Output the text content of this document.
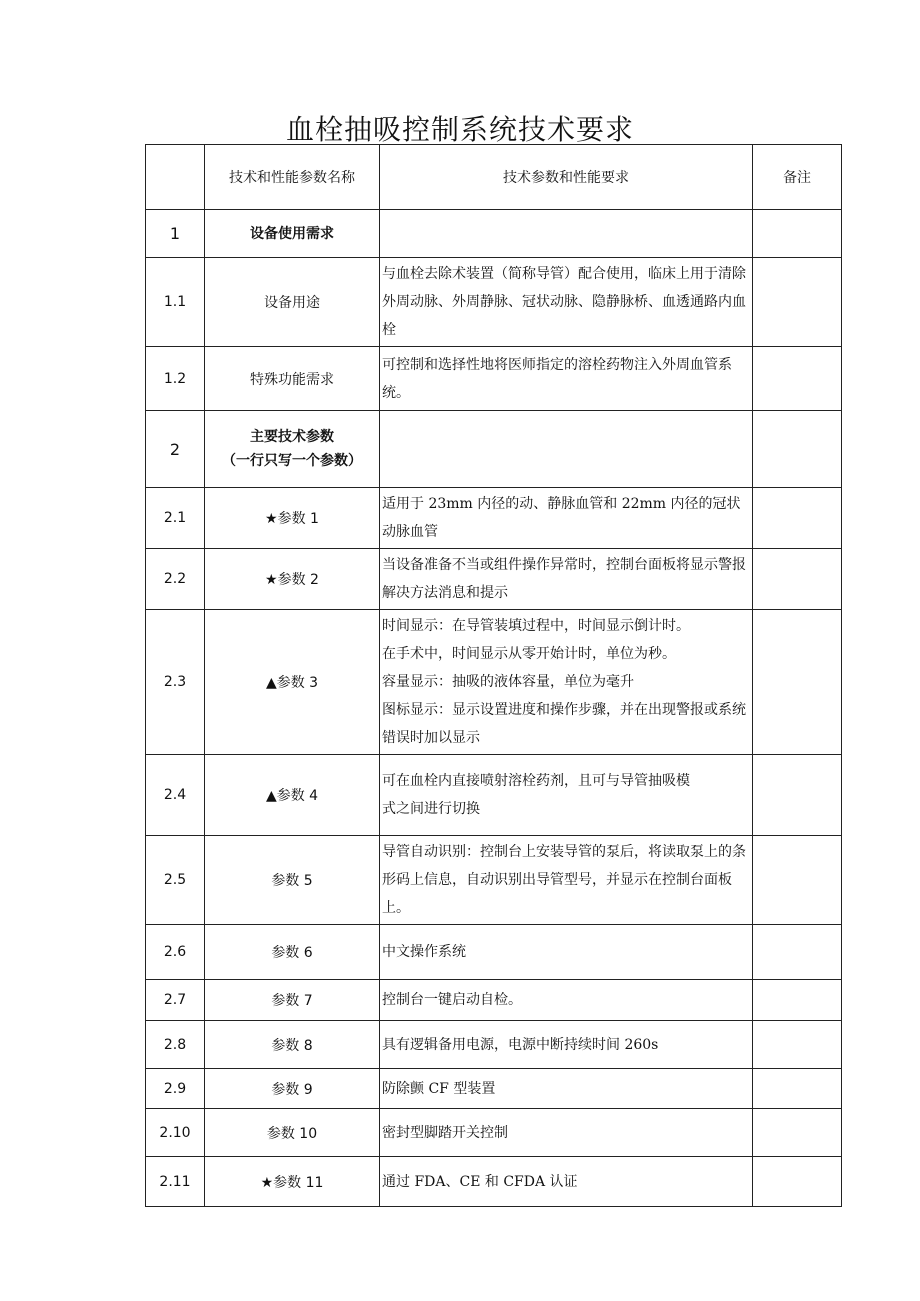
血栓抽吸控制系统技术要求
	技术和性能参数名称	技术参数和性能要求	备注
1	设备使用需求		

1.1	设备用途	与血栓去除术装置（简称导管）配合使用，临床上用于清除外周动脉、外周静脉、冠状动脉、隐静脉桥、血透通路内血栓	

1.2	特殊功能需求	可控制和选择性地将医师指定的溶栓药物注入外周血管系统。	

2	主要技术参数
（一行只写一个参数）		

2.1	★参数 1	适用于 23mm 内径的动、静脉血管和 22mm 内径的冠状动脉血管	

2.2	★参数 2	当设备准备不当或组件操作异常时，控制台面板将显示警报解决方法消息和提示	

2.3	▲参数 3	时间显示：在导管装填过程中，时间显示倒计时。
在手术中，时间显示从零开始计时，单位为秒。
容量显示：抽吸的液体容量，单位为毫升
图标显示：显示设置进度和操作步骤，并在出现警报或系统错误时加以显示	

2.4	▲参数 4	可在血栓内直接喷射溶栓药剂，且可与导管抽吸模
式之间进行切换	

2.5	参数 5	导管自动识别：控制台上安装导管的泵后，将读取泵上的条形码上信息，自动识别出导管型号，并显示在控制台面板上。	

2.6	参数 6	中文操作系统	

2.7	参数 7	控制台一键启动自检。	

2.8	参数 8	具有逻辑备用电源，电源中断持续时间 260s	

2.9	参数 9	防除颤 CF 型装置	

2.10	参数 10	密封型脚踏开关控制	

2.11	★参数 11	通过 FDA、CE 和 CFDA 认证	
